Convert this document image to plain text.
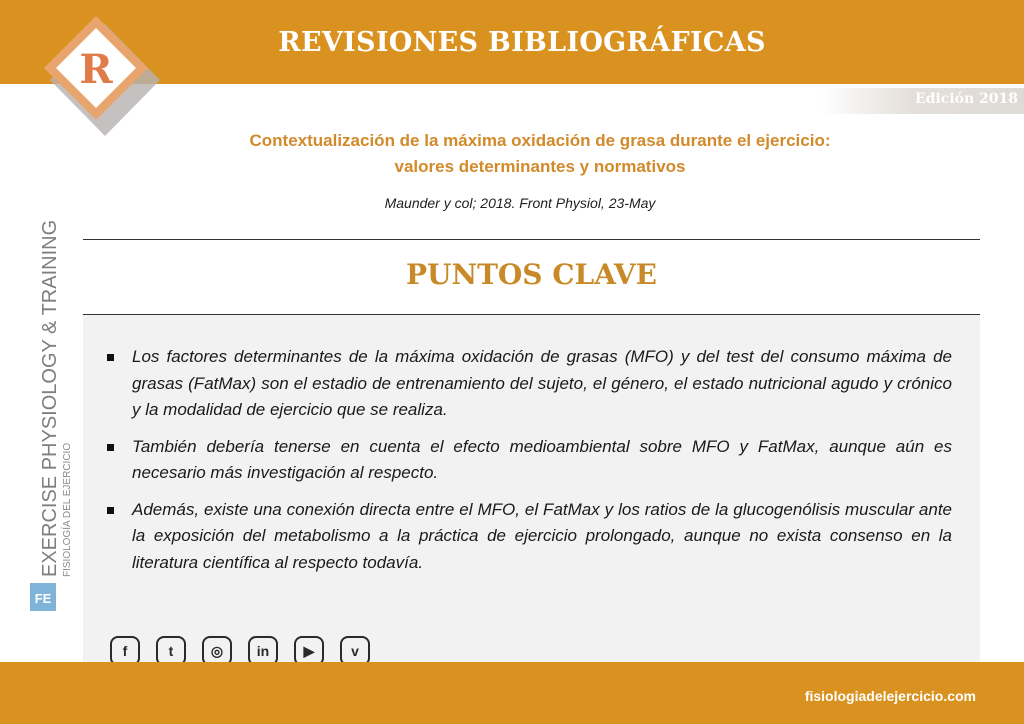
REVISIONES BIBLIOGRÁFICAS
Edición 2018
R
Contextualización de la máxima oxidación de grasa durante el ejercicio:
valores determinantes y normativos
Maunder y col; 2018. Front Physiol, 23-May
PUNTOS CLAVE
Los factores determinantes de la máxima oxidación de grasas (MFO) y del test del consumo máxima de grasas (FatMax) son el estadio de entrenamiento del sujeto, el género, el estado nutricional agudo y crónico y la modalidad de ejercicio que se realiza.
También debería tenerse en cuenta el efecto medioambiental sobre MFO y FatMax, aunque aún es necesario más investigación al respecto.
Además, existe una conexión directa entre el MFO, el FatMax y los ratios de la glucogenólisis muscular ante la exposición del metabolismo a la práctica de ejercicio prolongado, aunque no exista consenso en la literatura científica al respecto todavía.
f	t	◎	in	▶	v
FE
EXERCISE PHYSIOLOGY & TRAINING FISIOLOGÍA DEL EJERCICIO
fisiologiadelejercicio.com
